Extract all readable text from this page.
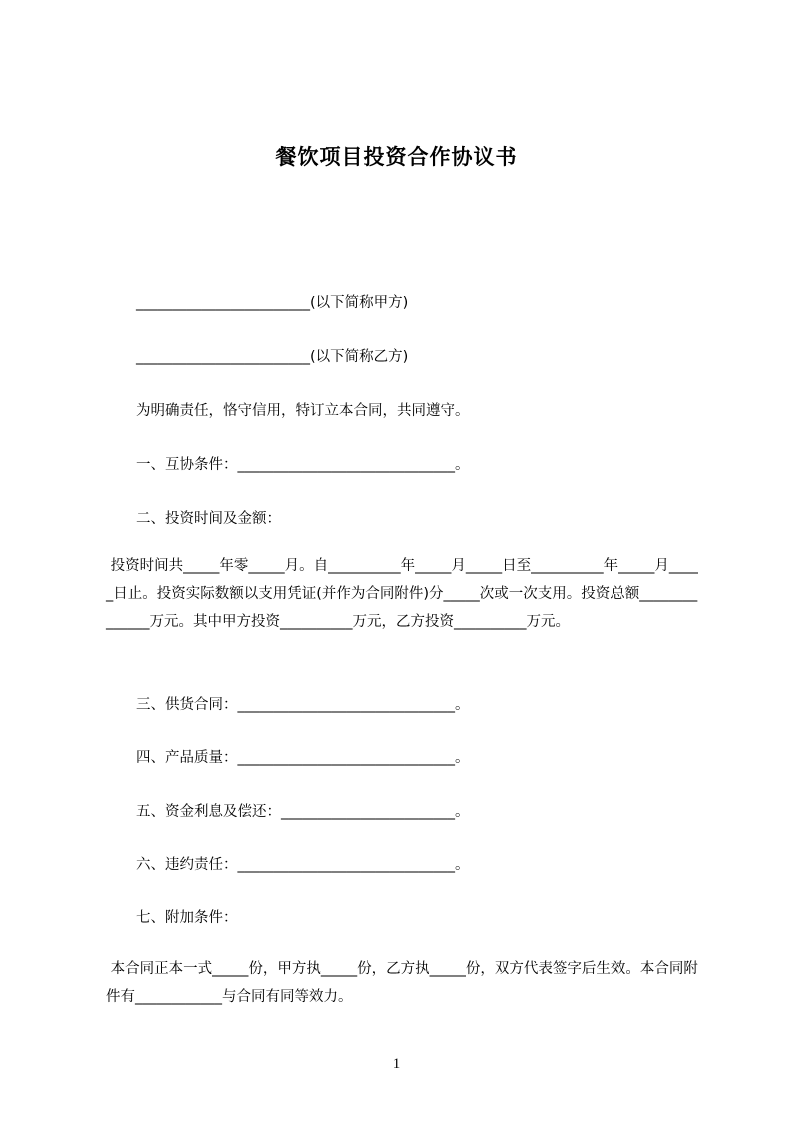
餐饮项目投资合作协议书
________________________(以下简称甲方)
________________________(以下简称乙方)
为明确责任，恪守信用，特订立本合同，共同遵守。
一、互协条件：______________________________。
二、投资时间及金额：
投资时间共_____年零_____月。自__________年_____月_____日至__________年_____月_____日止。投资实际数额以支用凭证(并作为合同附件)分_____次或一次支用。投资总额______________万元。其中甲方投资__________万元，乙方投资__________万元。
三、供货合同：______________________________。
四、产品质量：______________________________。
五、资金利息及偿还：________________________。
六、违约责任：______________________________。
七、附加条件：
本合同正本一式_____份，甲方执_____份，乙方执_____份，双方代表签字后生效。本合同附件有____________与合同有同等效力。
1
